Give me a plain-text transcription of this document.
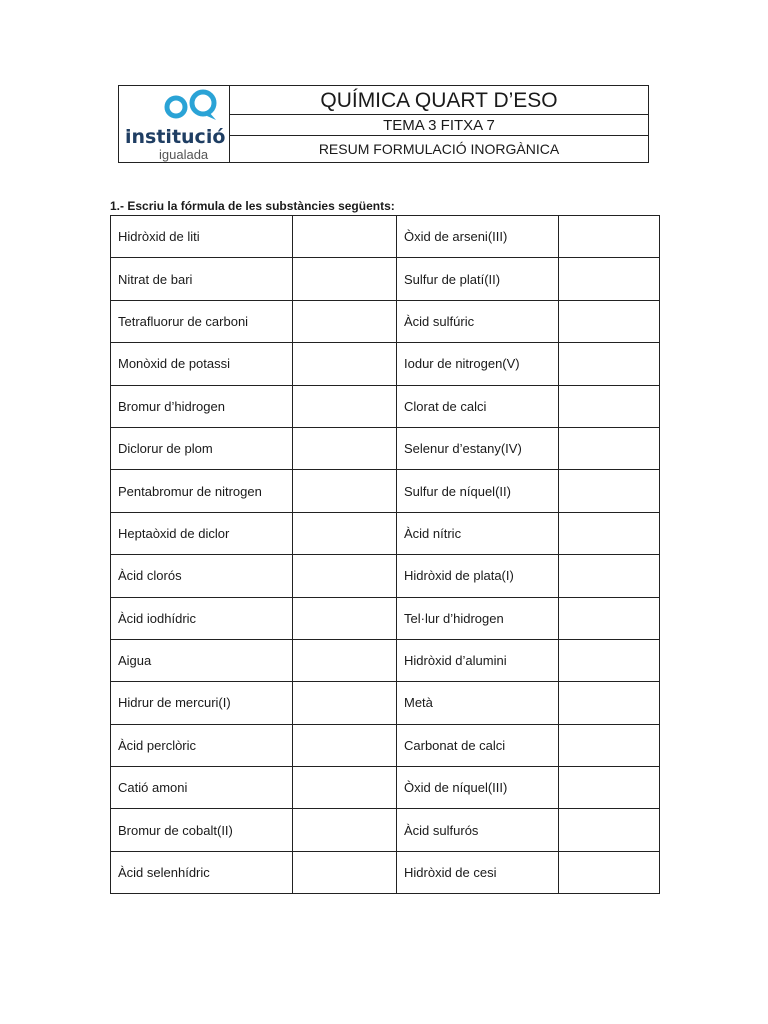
institució
igualada
QUÍMICA QUART D’ESO
TEMA 3 FITXA 7
RESUM FORMULACIÓ INORGÀNICA
1.- Escriu la fórmula de les substàncies següents:
Hidròxid de liti		Òxid de arseni(III)	
Nitrat de bari		Sulfur de platí(II)	
Tetrafluorur de carboni		Àcid sulfúric	
Monòxid de potassi		Iodur de nitrogen(V)	
Bromur d’hidrogen		Clorat de calci	
Diclorur de plom		Selenur d’estany(IV)	
Pentabromur de nitrogen		Sulfur de níquel(II)	
Heptaòxid de diclor		Àcid nítric	
Àcid clorós		Hidròxid de plata(I)	
Àcid iodhídric		Tel·lur d’hidrogen	
Aigua		Hidròxid d’alumini	
Hidrur de mercuri(I)		Metà	
Àcid perclòric		Carbonat de calci	
Catió amoni		Òxid de níquel(III)	
Bromur de cobalt(II)		Àcid sulfurós	
Àcid selenhídric		Hidròxid de cesi	
